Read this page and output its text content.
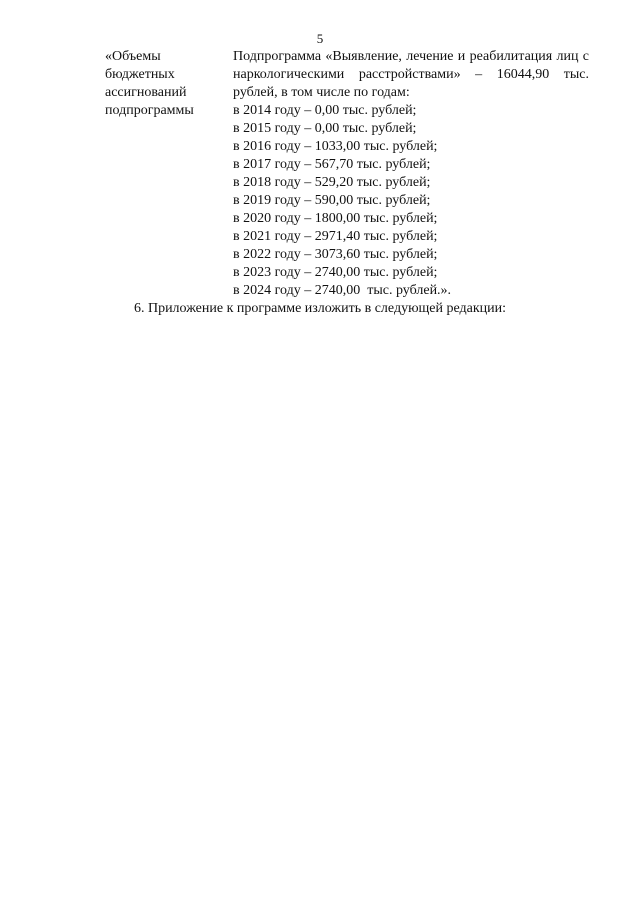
5
«Объемы
бюджетных
ассигнований
подпрограммы
Подпрограмма «Выявление, лечение и реабилитация лиц с наркологическими расстройствами» – 16044,90 тыс. рублей, в том числе по годам:
в 2014 году – 0,00 тыс. рублей;
в 2015 году – 0,00 тыс. рублей;
в 2016 году – 1033,00 тыс. рублей;
в 2017 году – 567,70 тыс. рублей;
в 2018 году – 529,20 тыс. рублей;
в 2019 году – 590,00 тыс. рублей;
в 2020 году – 1800,00 тыс. рублей;
в 2021 году – 2971,40 тыс. рублей;
в 2022 году – 3073,60 тыс. рублей;
в 2023 году – 2740,00 тыс. рублей;
в 2024 году – 2740,00  тыс. рублей.».
6. Приложение к программе изложить в следующей редакции:
